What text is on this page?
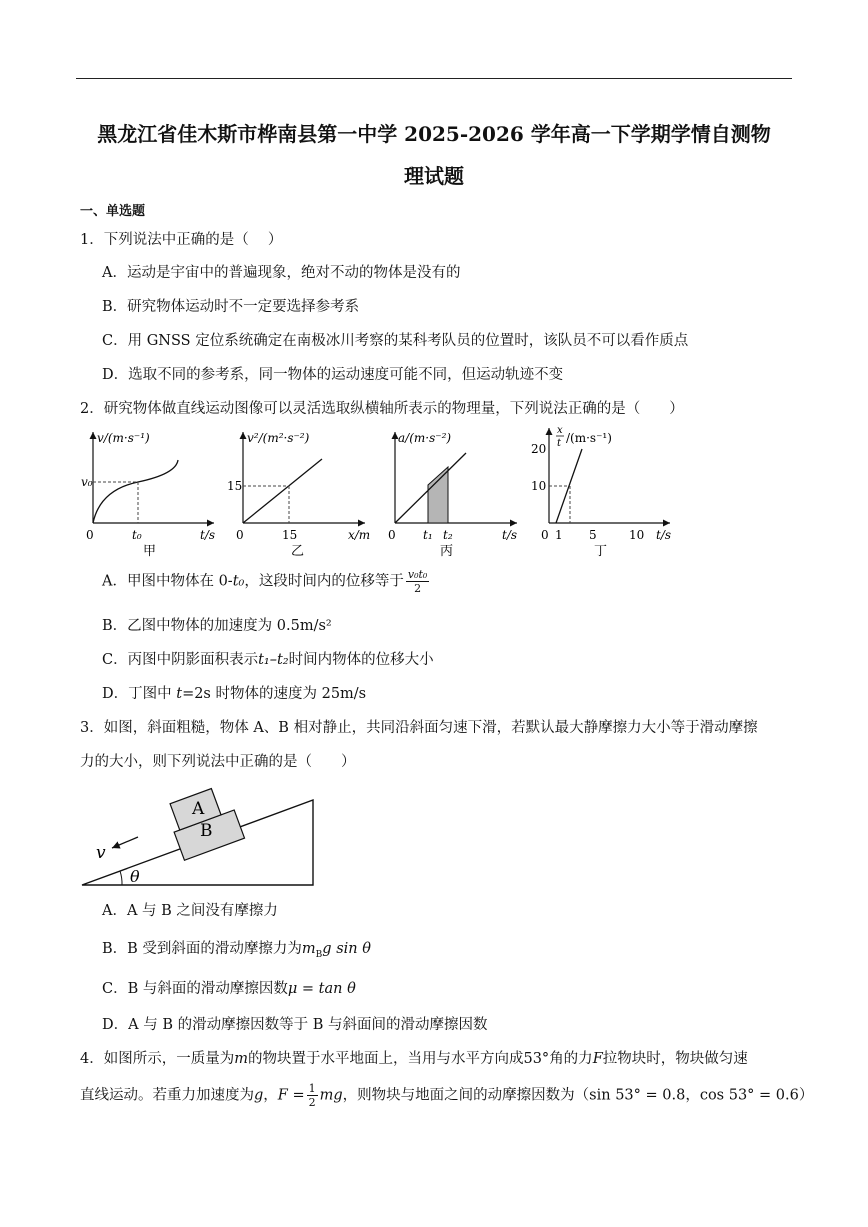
黑龙江省佳木斯市桦南县第一中学 2025-2026 学年高一下学期学情自测物
理试题
一、单选题
1．下列说法中正确的是（　 ）
A．运动是宇宙中的普遍现象，绝对不动的物体是没有的
B．研究物体运动时不一定要选择参考系
C．用 GNSS 定位系统确定在南极冰川考察的某科考队员的位置时，该队员不可以看作质点
D．选取不同的参考系，同一物体的运动速度可能不同，但运动轨迹不变
2．研究物体做直线运动图像可以灵活选取纵横轴所表示的物理量，下列说法正确的是（　　）
v/(m·s⁻¹)
v₀
0	t₀	t/s
甲
v²/(m²·s⁻²)
15
0	15	x/m
乙
a/(m·s⁻²)
0 t₁ t₂	t/s
丙
x
t /(m·s⁻¹)
20
10
0 1 5	10 t/s
丁
A．甲图中物体在 0-t₀，这段时间内的位移等于 $\frac{\text{v₀t₀}}{2}$
B．乙图中物体的加速度为 0.5m/s²
C．丙图中阴影面积表示t₁–t₂时间内物体的位移大小
D．丁图中 t=2s 时物体的速度为 25m/s
3．如图，斜面粗糙，物体 A、B 相对静止，共同沿斜面匀速下滑，若默认最大静摩擦力大小等于滑动摩擦
力的大小，则下列说法中正确的是（　　）
A
B
v
θ
A．A 与 B 之间没有摩擦力
B．B 受到斜面的滑动摩擦力为$m_Bg$ sin θ
C．B 与斜面的滑动摩擦因数μ = tan θ
D．A 与 B 的滑动摩擦因数等于 B 与斜面间的滑动摩擦因数
4．如图所示，一质量为m的物块置于水平地面上，当用与水平方向成53°角的力F拉物块时，物块做匀速
直线运动。若重力加速度为g，$F = \frac{1}{2}$ mg，则物块与地面之间的动摩擦因数为（sin 53° = 0.8，cos 53° = 0.6）
